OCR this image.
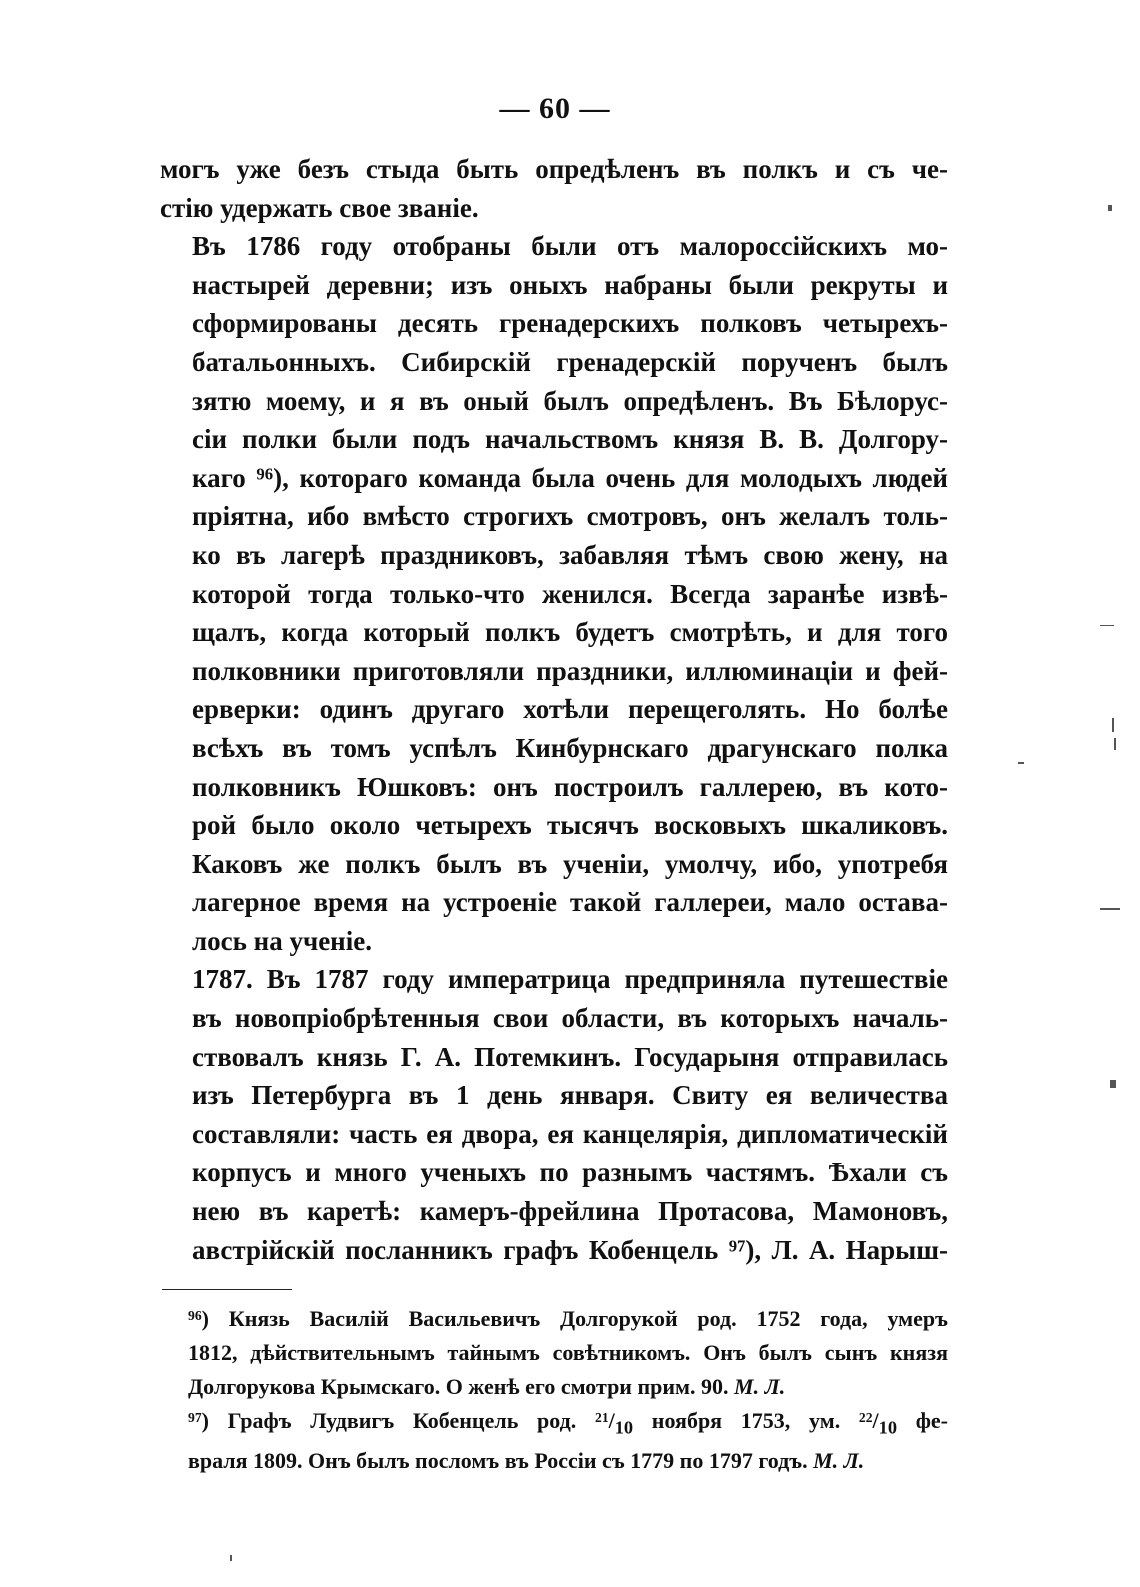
— 60 —

могъ уже безъ стыда быть опредѣленъ въ полкъ и съ че-
стію удержать свое званіе.

Въ 1786 году отобраны были отъ малороссійскихъ мо-
настырей деревни; изъ оныхъ набраны были рекруты и
сформированы десять гренадерскихъ полковъ четырехъ-
батальонныхъ. Сибирскій гренадерскій порученъ былъ
зятю моему, и я въ оный былъ опредѣленъ. Въ Бѣлорус-
сіи полки были подъ начальствомъ князя В. В. Долгору-
каго $^{96}$), котораго команда была очень для молодыхъ людей
пріятна, ибо вмѣсто строгихъ смотровъ, онъ желалъ толь-
ко въ лагерѣ праздниковъ, забавляя тѣмъ свою жену, на
которой тогда только-что женился. Всегда заранѣе извѣ-
щалъ, когда который полкъ будетъ смотрѣть, и для того
полковники приготовляли праздники, иллюминаціи и фей-
ерверки: одинъ другаго хотѣли перещеголять. Но болѣе
всѣхъ въ томъ успѣлъ Кинбурнскаго драгунскаго полка
полковникъ Юшковъ: онъ построилъ галлерею, въ кото-
рой было около четырехъ тысячъ восковыхъ шкаликовъ.
Каковъ же полкъ былъ въ ученіи, умолчу, ибо, употребя
лагерное время на устроеніе такой галлереи, мало остава-
лось на ученіе.

1787. Въ 1787 году императрица предприняла путешествіе
въ новопріобрѣтенныя свои области, въ которыхъ началь-
ствовалъ князь Г. А. Потемкинъ. Государыня отправилась
изъ Петербурга въ 1 день января. Свиту ея величества
составляли: часть ея двора, ея канцелярія, дипломатическій
корпусъ и много ученыхъ по разнымъ частямъ. Ѣхали съ
нею въ каретѣ: камеръ-фрейлина Протасова, Мамоновъ,
австрійскій посланникъ графъ Кобенцель $^{97}$), Л. А. Нарыш-

$^{96}$) Князь Василій Васильевичъ Долгорукой род. 1752 года, умеръ
1812, дѣйствительнымъ тайнымъ совѣтникомъ. Онъ былъ сынъ князя
Долгорукова Крымскаго. О женѣ его смотри прим. 90. М. Л.

$^{97}$) Графъ Лудвигъ Кобенцель род. $^{21}/_{10}$ ноября 1753, ум. $^{22}/_{10}$ фе-
враля 1809. Онъ былъ посломъ въ Россіи съ 1779 по 1797 годъ. М. Л.
